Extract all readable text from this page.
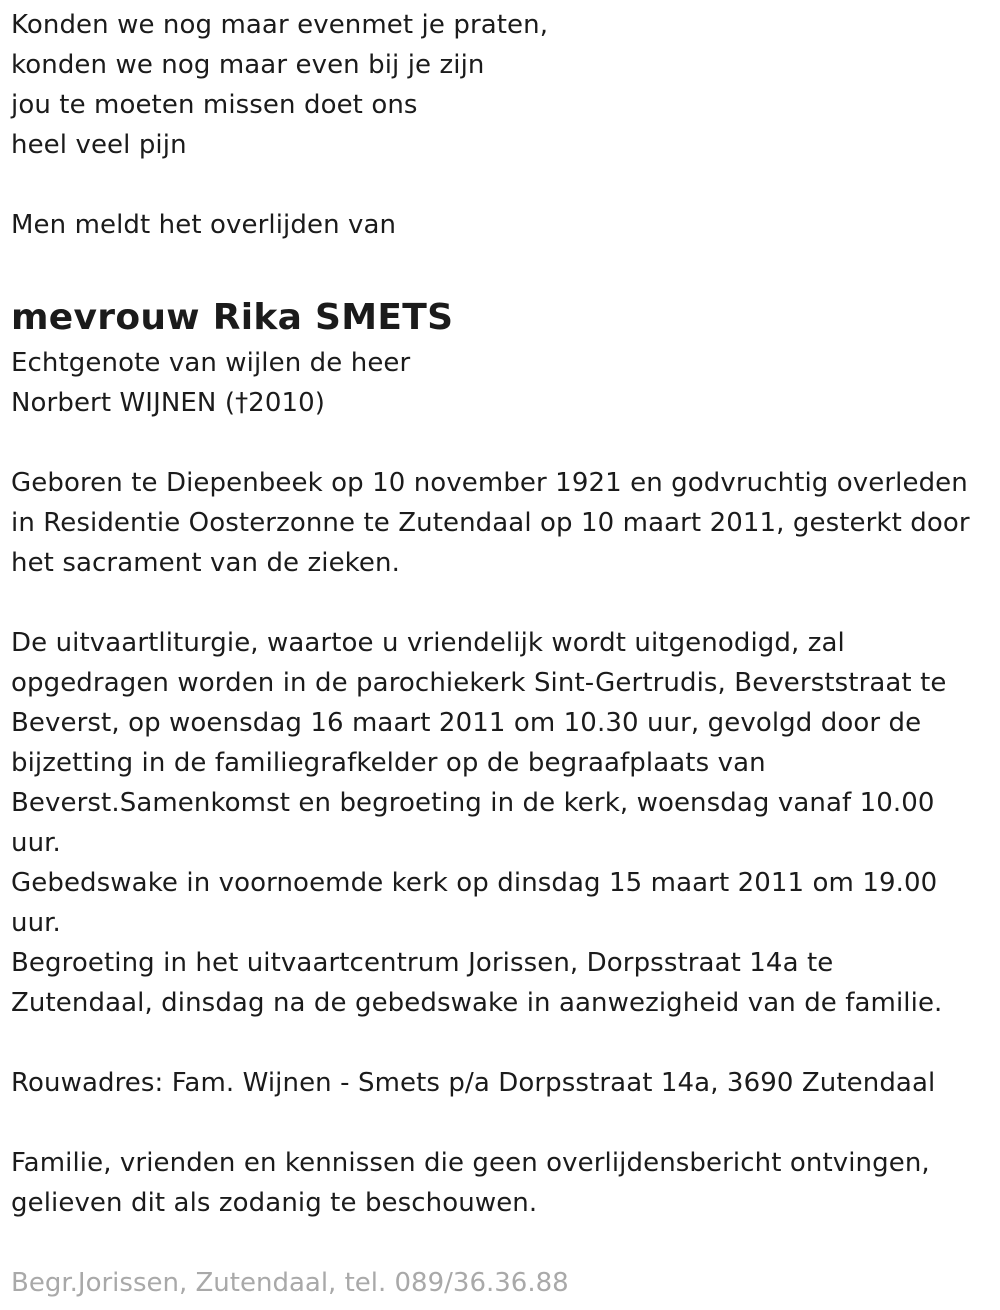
Konden we nog maar evenmet je praten,
konden we nog maar even bij je zijn
jou te moeten missen doet ons
heel veel pijn
Men meldt het overlijden van
mevrouw Rika SMETS
Echtgenote van wijlen de heer
Norbert WIJNEN (†2010)
Geboren te Diepenbeek op 10 november 1921 en godvruchtig overleden
in Residentie Oosterzonne te Zutendaal op 10 maart 2011, gesterkt door
het sacrament van de zieken.
De uitvaartliturgie, waartoe u vriendelijk wordt uitgenodigd, zal
opgedragen worden in de parochiekerk Sint-Gertrudis, Beverststraat te
Beverst, op woensdag 16 maart 2011 om 10.30 uur, gevolgd door de
bijzetting in de familiegrafkelder op de begraafplaats van
Beverst.Samenkomst en begroeting in de kerk, woensdag vanaf 10.00
uur.
Gebedswake in voornoemde kerk op dinsdag 15 maart 2011 om 19.00
uur.
Begroeting in het uitvaartcentrum Jorissen, Dorpsstraat 14a te
Zutendaal, dinsdag na de gebedswake in aanwezigheid van de familie.
Rouwadres: Fam. Wijnen - Smets p/a Dorpsstraat 14a, 3690 Zutendaal
Familie, vrienden en kennissen die geen overlijdensbericht ontvingen,
gelieven dit als zodanig te beschouwen.
Begr.Jorissen, Zutendaal, tel. 089/36.36.88
